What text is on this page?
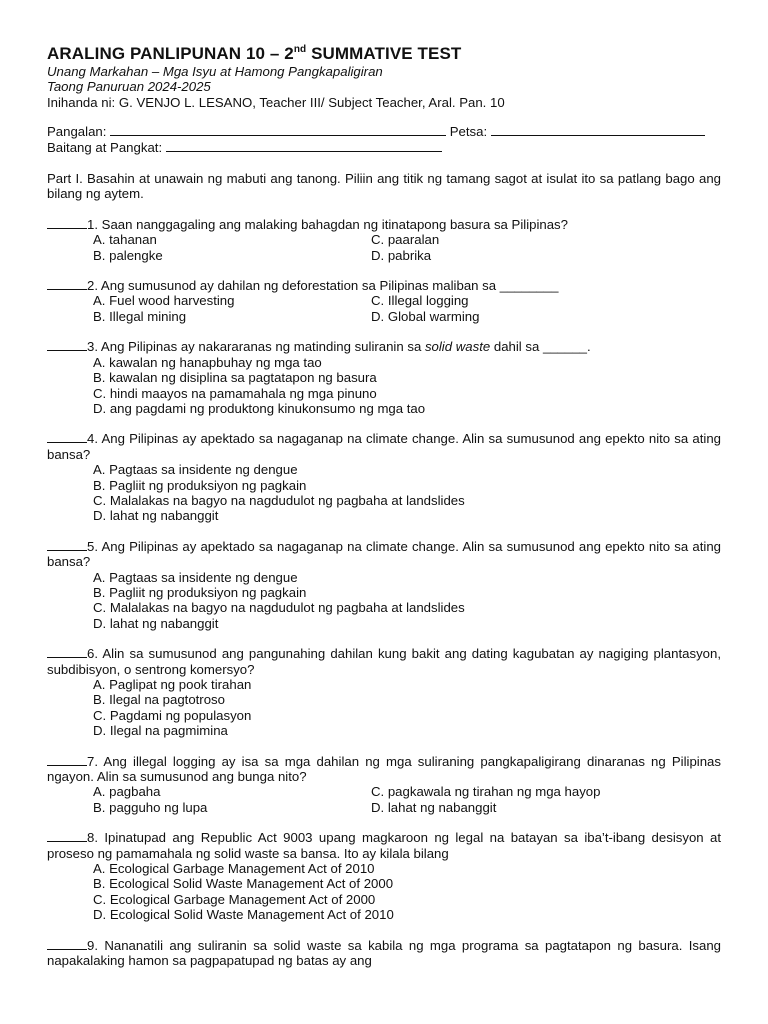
ARALING PANLIPUNAN 10 – 2nd SUMMATIVE TEST
Unang Markahan – Mga Isyu at Hamong Pangkapaligiran
Taong Panuruan 2024-2025
Inihanda ni: G. VENJO L. LESANO, Teacher III/ Subject Teacher, Aral. Pan. 10
Pangalan:	Petsa:
Baitang at Pangkat:
Part I. Basahin at unawain ng mabuti ang tanong. Piliin ang titik ng tamang sagot at isulat ito sa patlang bago ang bilang ng aytem.
1. Saan nanggagaling ang malaking bahagdan ng itinatapong basura sa Pilipinas?
A. tahanan	C. paaralan
B. palengke	D. pabrika
2. Ang sumusunod ay dahilan ng deforestation sa Pilipinas maliban sa ________
A. Fuel wood harvesting	C. Illegal logging
B. Illegal mining	D. Global warming
3. Ang Pilipinas ay nakararanas ng matinding suliranin sa solid waste dahil sa ______.
A. kawalan ng hanapbuhay ng mga tao
B. kawalan ng disiplina sa pagtatapon ng basura
C. hindi maayos na pamamahala ng mga pinuno
D. ang pagdami ng produktong kinukonsumo ng mga tao
4. Ang Pilipinas ay apektado sa nagaganap na climate change. Alin sa sumusunod ang epekto nito sa ating bansa?
A. Pagtaas sa insidente ng dengue
B. Pagliit ng produksiyon ng pagkain
C. Malalakas na bagyo na nagdudulot ng pagbaha at landslides
D. lahat ng nabanggit
5. Ang Pilipinas ay apektado sa nagaganap na climate change. Alin sa sumusunod ang epekto nito sa ating bansa?
A. Pagtaas sa insidente ng dengue
B. Pagliit ng produksiyon ng pagkain
C. Malalakas na bagyo na nagdudulot ng pagbaha at landslides
D. lahat ng nabanggit
6. Alin sa sumusunod ang pangunahing dahilan kung bakit ang dating kagubatan ay nagiging plantasyon, subdibisyon, o sentrong komersyo?
A. Paglipat ng pook tirahan
B. Ilegal na pagtotroso
C. Pagdami ng populasyon
D. Ilegal na pagmimina
7. Ang illegal logging ay isa sa mga dahilan ng mga suliraning pangkapaligirang dinaranas ng Pilipinas ngayon. Alin sa sumusunod ang bunga nito?
A. pagbaha	C. pagkawala ng tirahan ng mga hayop
B. pagguho ng lupa	D. lahat ng nabanggit
8. Ipinatupad ang Republic Act 9003 upang magkaroon ng legal na batayan sa iba’t-ibang desisyon at proseso ng pamamahala ng solid waste sa bansa. Ito ay kilala bilang
A. Ecological Garbage Management Act of 2010
B. Ecological Solid Waste Management Act of 2000
C. Ecological Garbage Management Act of 2000
D. Ecological Solid Waste Management Act of 2010
9. Nananatili ang suliranin sa solid waste sa kabila ng mga programa sa pagtatapon ng basura. Isang napakalaking hamon sa pagpapatupad ng batas ay ang
